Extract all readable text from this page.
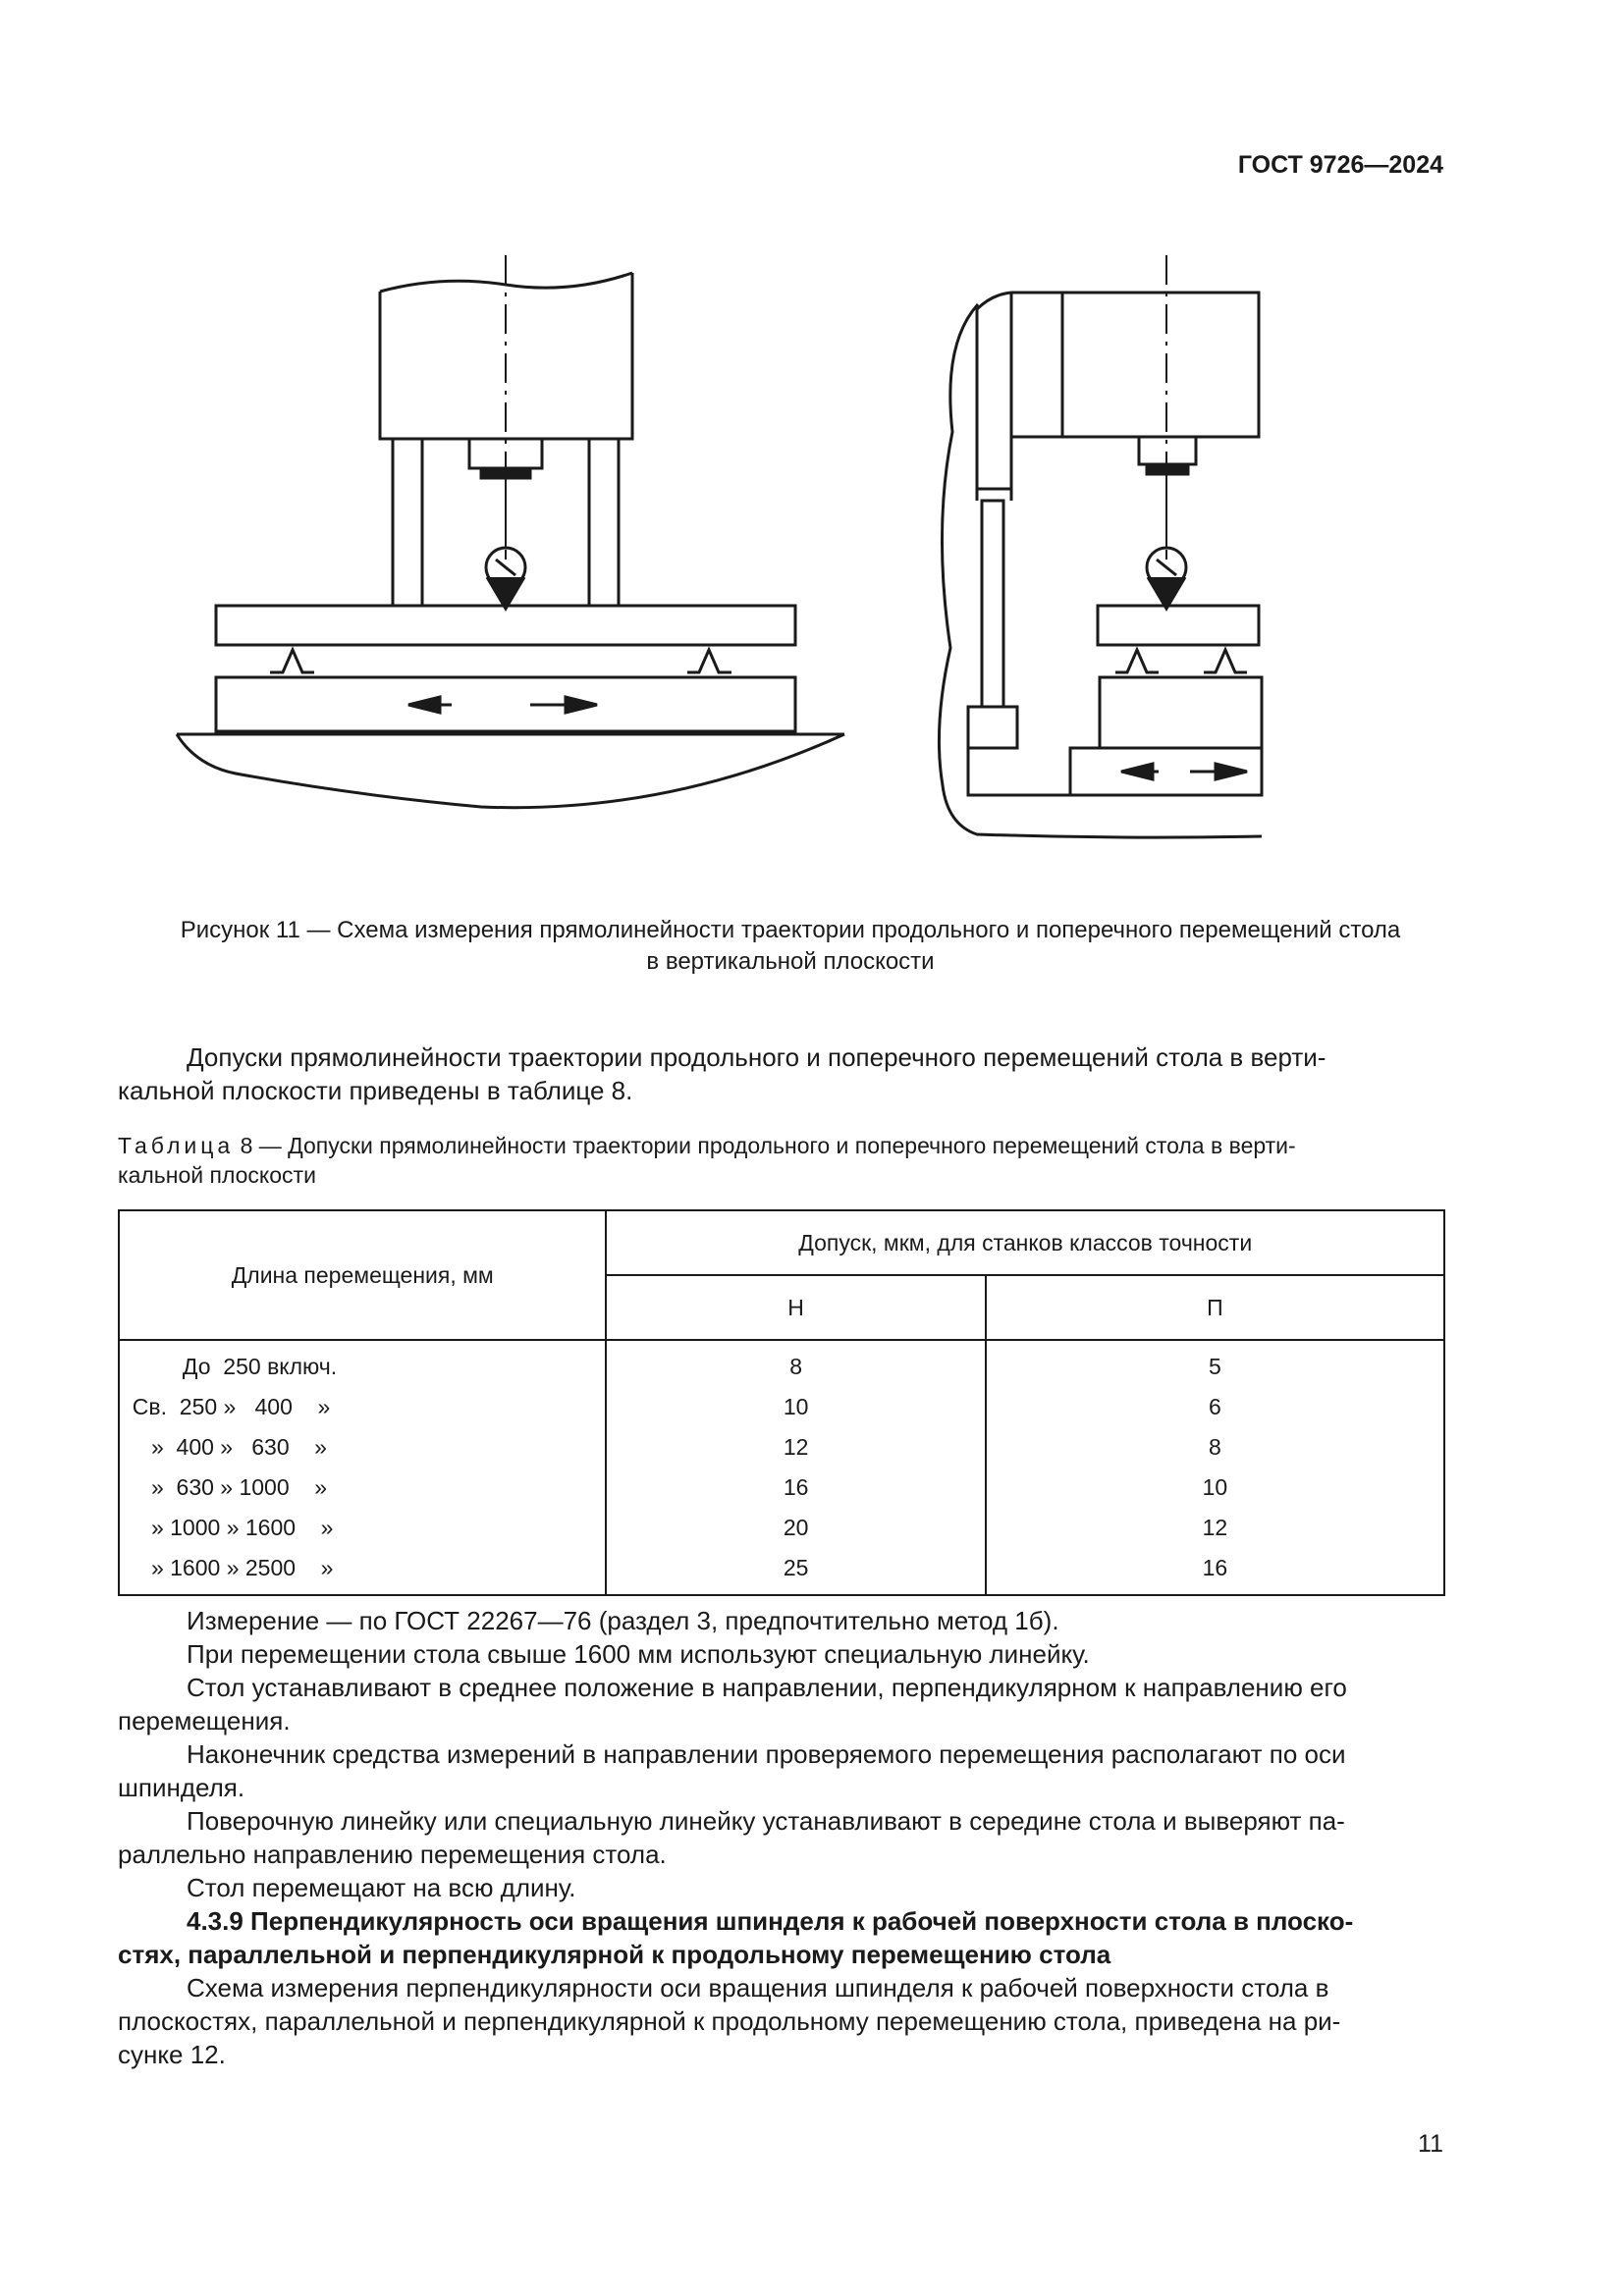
ГОСТ 9726—2024
Рисунок 11 — Схема измерения прямолинейности траектории продольного и поперечного перемещений стола
в вертикальной плоскости
Допуски прямолинейности траектории продольного и поперечного перемещений стола в верти-
кальной плоскости приведены в таблице 8.
Таблица 8 — Допуски прямолинейности траектории продольного и поперечного перемещений стола в верти-
кальной плоскости
Длина перемещения, мм	Допуск, мкм, для станков классов точности	
	Н	П
До  250 включ.	8	5
Св.  250 »   400    »	10	6
»  400 »   630    »	12	8
»  630 » 1000    »	16	10
» 1000 » 1600    »	20	12
» 1600 » 2500    »	25	16
Измерение — по ГОСТ 22267—76 (раздел 3, предпочтительно метод 1б).
При перемещении стола свыше 1600 мм используют специальную линейку.
Стол устанавливают в среднее положение в направлении, перпендикулярном к направлению его
перемещения.
Наконечник средства измерений в направлении проверяемого перемещения располагают по оси
шпинделя.
Поверочную линейку или специальную линейку устанавливают в середине стола и выверяют па-
раллельно направлению перемещения стола.
Стол перемещают на всю длину.
4.3.9 Перпендикулярность оси вращения шпинделя к рабочей поверхности стола в плоско-
стях, параллельной и перпендикулярной к продольному перемещению стола
Схема измерения перпендикулярности оси вращения шпинделя к рабочей поверхности стола в
плоскостях, параллельной и перпендикулярной к продольному перемещению стола, приведена на ри-
сунке 12.
11
